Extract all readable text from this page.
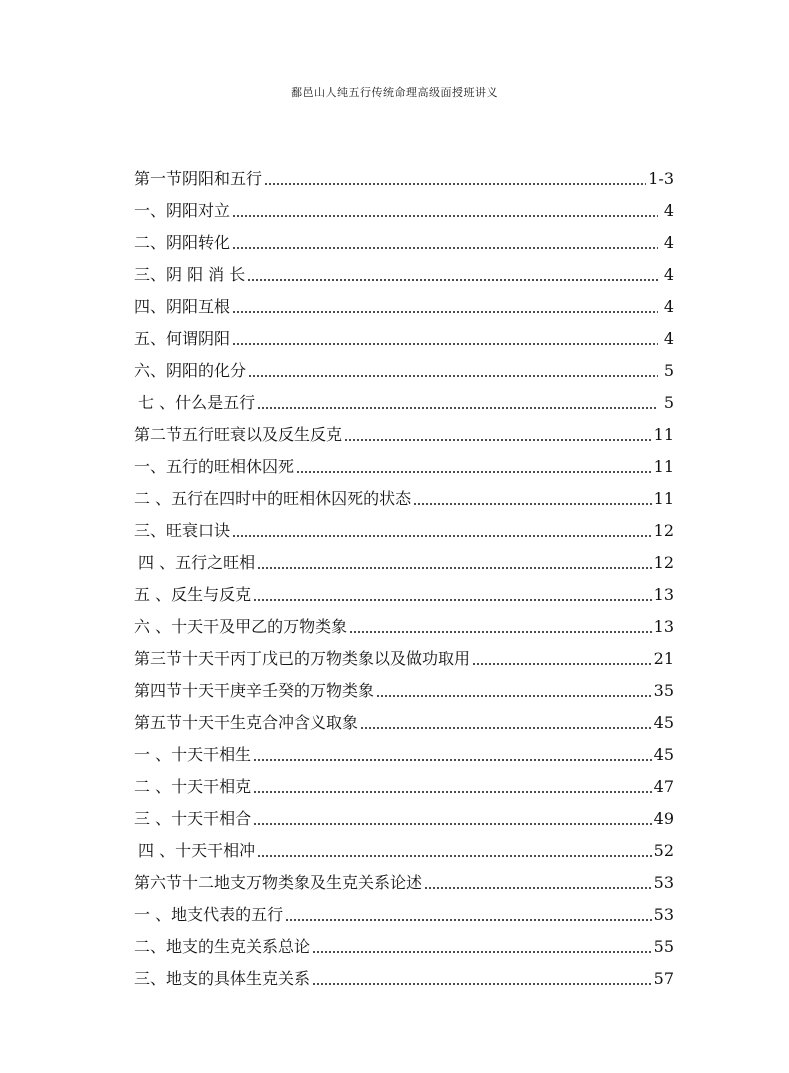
鄱邑山人纯五行传统命理高级面授班讲义
第一节阴阳和五行	1-3
一、阴阳对立	4
二、阴阳转化	4
三、阴 阳 消 长	4
四、阴阳互根	4
五、何谓阴阳	4
六、阴阳的化分	5
七 、什么是五行	5
第二节五行旺衰以及反生反克	11
一、五行的旺相休囚死	11
二 、五行在四时中的旺相休囚死的状态	11
三、旺衰口诀	12
四 、五行之旺相	12
五 、反生与反克	13
六 、十天干及甲乙的万物类象	13
第三节十天干丙丁戊已的万物类象以及做功取用	21
第四节十天干庚辛壬癸的万物类象	35
第五节十天干生克合冲含义取象	45
一 、十天干相生	45
二 、十天干相克	47
三 、十天干相合	49
四 、十天干相冲	52
第六节十二地支万物类象及生克关系论述	53
一 、地支代表的五行	53
二、地支的生克关系总论	55
三、地支的具体生克关系	57
